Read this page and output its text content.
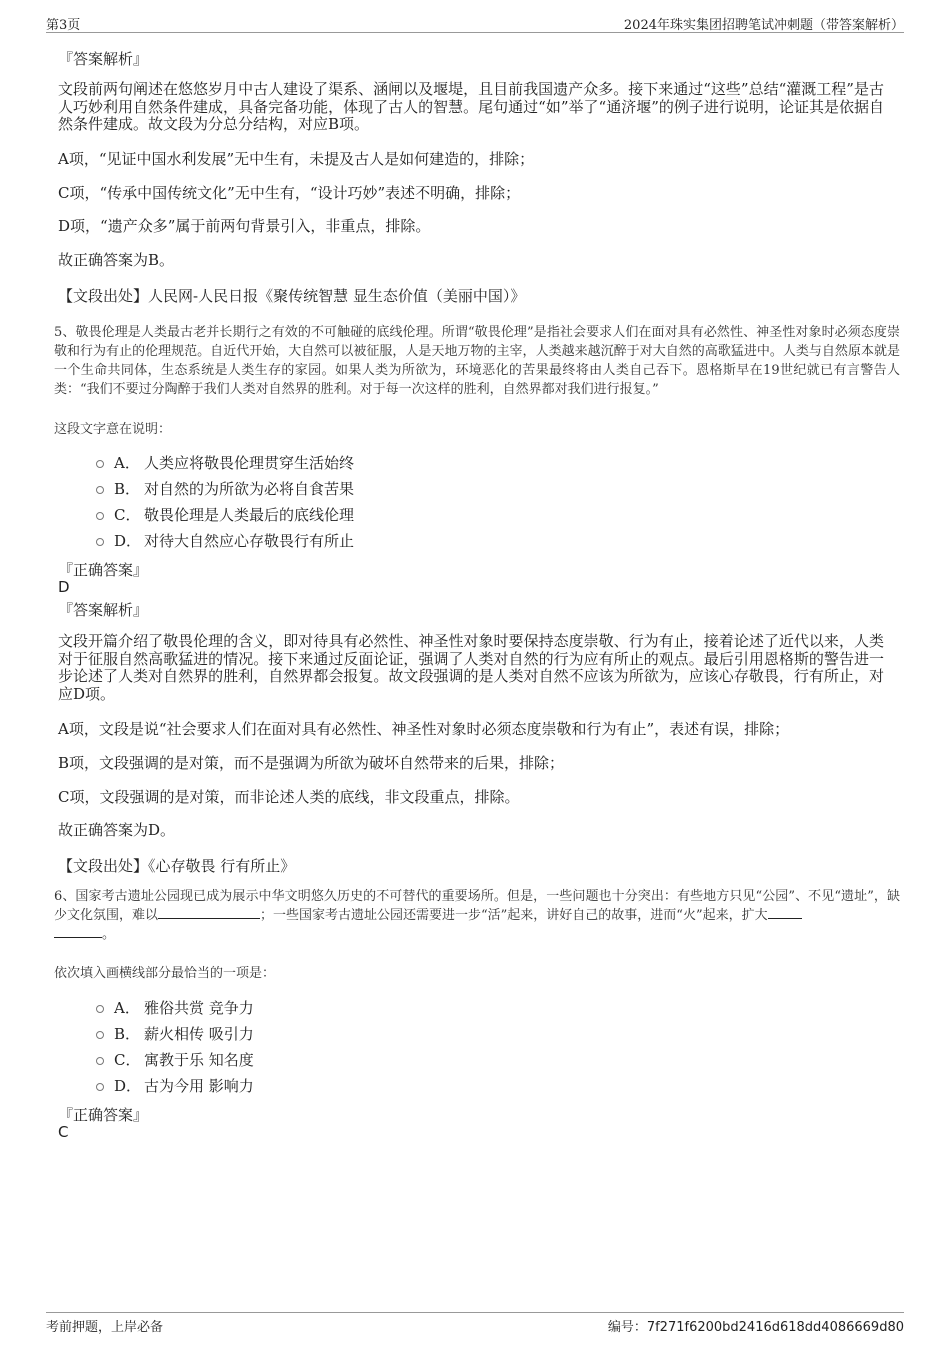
第3页	2024年珠实集团招聘笔试冲刺题（带答案解析）
『答案解析』
文段前两句阐述在悠悠岁月中古人建设了渠系、涵闸以及堰堤，且目前我国遗产众多。接下来通过“这些”总结“灌溉工程”是古人巧妙利用自然条件建成，具备完备功能，体现了古人的智慧。尾句通过“如”举了“通济堰”的例子进行说明，论证其是依据自然条件建成。故文段为分总分结构，对应B项。
A项，“见证中国水利发展”无中生有，未提及古人是如何建造的，排除；
C项，“传承中国传统文化”无中生有，“设计巧妙”表述不明确，排除；
D项，“遗产众多”属于前两句背景引入，非重点，排除。
故正确答案为B。
【文段出处】人民网-人民日报《聚传统智慧 显生态价值（美丽中国）》
5、敬畏伦理是人类最古老并长期行之有效的不可触碰的底线伦理。所谓“敬畏伦理”是指社会要求人们在面对具有必然性、神圣性对象时必须态度崇敬和行为有止的伦理规范。自近代开始，大自然可以被征服，人是天地万物的主宰，人类越来越沉醉于对大自然的高歌猛进中。人类与自然原本就是一个生命共同体，生态系统是人类生存的家园。如果人类为所欲为，环境恶化的苦果最终将由人类自己吞下。恩格斯早在19世纪就已有言警告人类：“我们不要过分陶醉于我们人类对自然界的胜利。对于每一次这样的胜利，自然界都对我们进行报复。”
这段文字意在说明：
A． 人类应将敬畏伦理贯穿生活始终
B． 对自然的为所欲为必将自食苦果
C． 敬畏伦理是人类最后的底线伦理
D． 对待大自然应心存敬畏行有所止
『正确答案』
D
『答案解析』
文段开篇介绍了敬畏伦理的含义，即对待具有必然性、神圣性对象时要保持态度崇敬、行为有止，接着论述了近代以来，人类对于征服自然高歌猛进的情况。接下来通过反面论证，强调了人类对自然的行为应有所止的观点。最后引用恩格斯的警告进一步论述了人类对自然界的胜利，自然界都会报复。故文段强调的是人类对自然不应该为所欲为，应该心存敬畏，行有所止，对应D项。
A项，文段是说“社会要求人们在面对具有必然性、神圣性对象时必须态度崇敬和行为有止”，表述有误，排除；
B项，文段强调的是对策，而不是强调为所欲为破坏自然带来的后果，排除；
C项，文段强调的是对策，而非论述人类的底线，非文段重点，排除。
故正确答案为D。
【文段出处】《心存敬畏 行有所止》
6、国家考古遗址公园现已成为展示中华文明悠久历史的不可替代的重要场所。但是，一些问题也十分突出：有些地方只见“公园”、不见“遗址”，缺少文化氛围，难以	；一些国家考古遗址公园还需要进一步“活”起来，讲好自己的故事，进而“火”起来，扩大
。
依次填入画横线部分最恰当的一项是：
A． 雅俗共赏 竞争力
B． 薪火相传 吸引力
C． 寓教于乐 知名度
D． 古为今用 影响力
『正确答案』
C
考前押题，上岸必备	编号：7f271f6200bd2416d618dd4086669d80
